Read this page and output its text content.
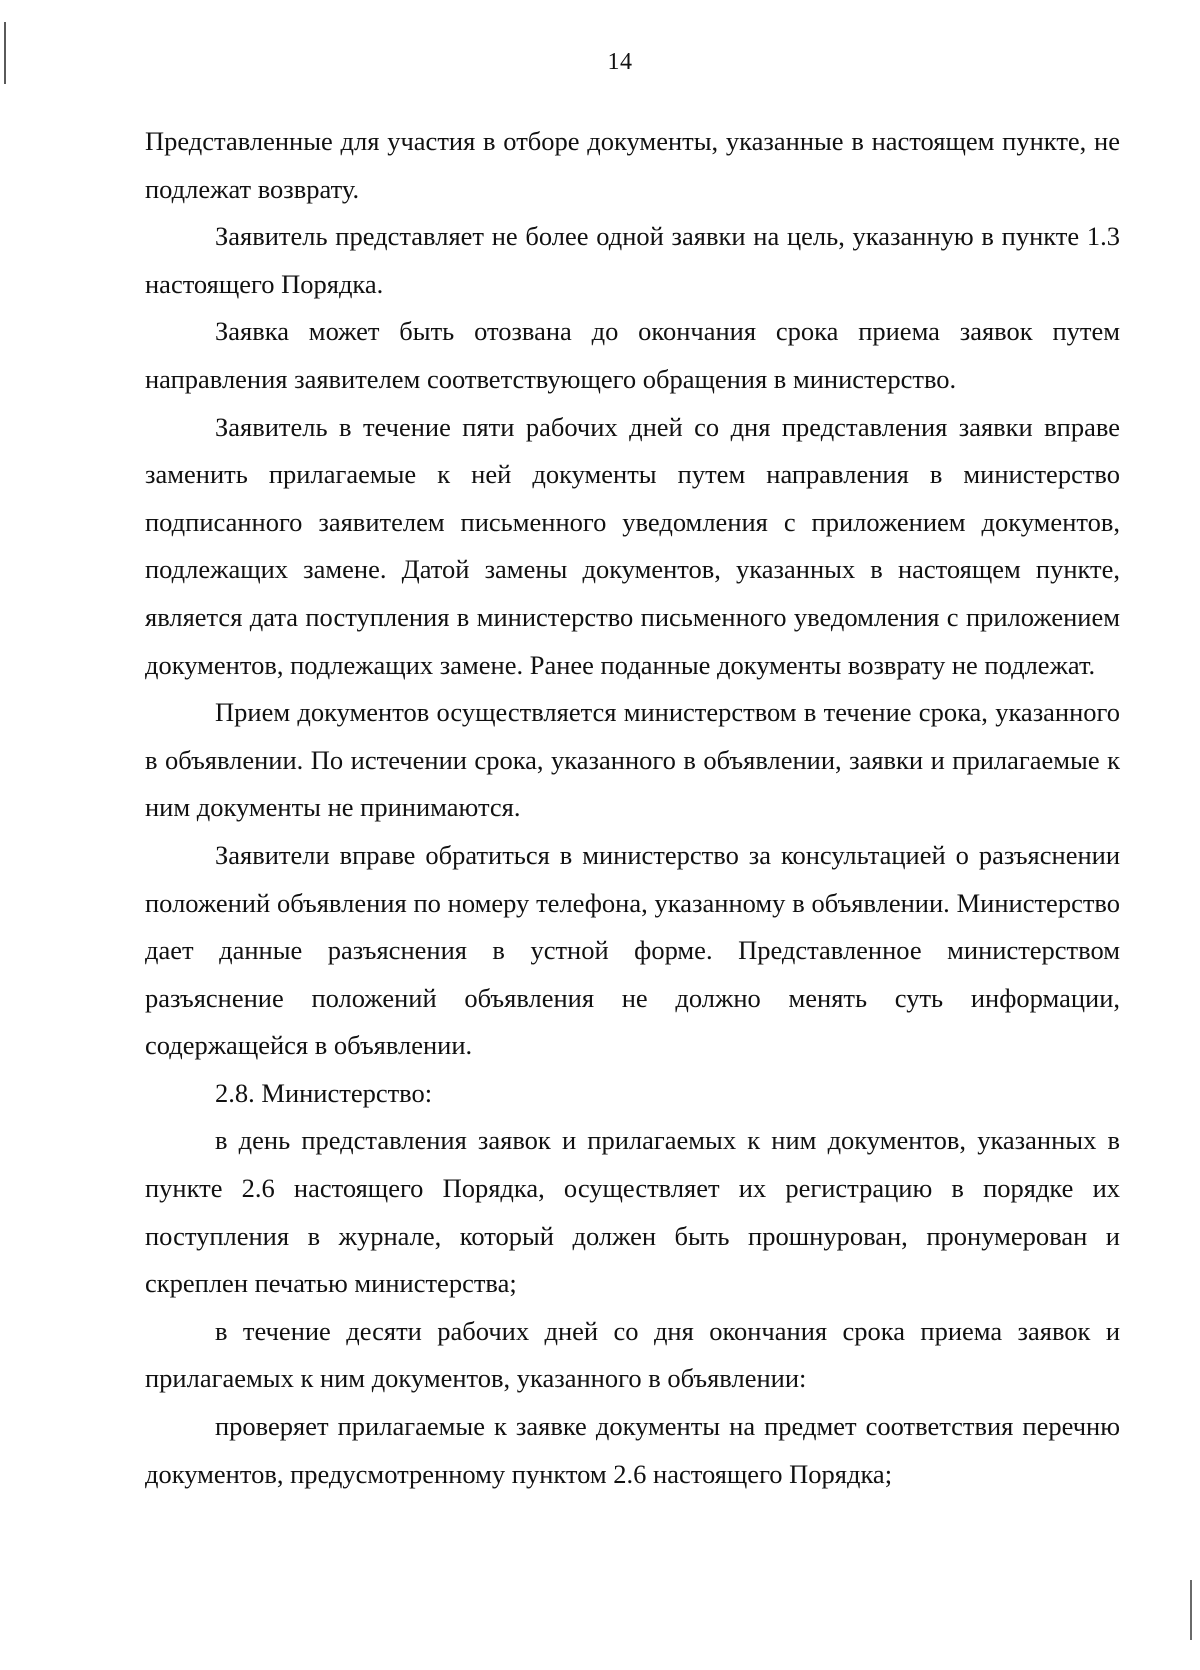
14

Представленные для участия в отборе документы, указанные в настоящем пункте, не подлежат возврату.

Заявитель представляет не более одной заявки на цель, указанную в пункте 1.3 настоящего Порядка.

Заявка может быть отозвана до окончания срока приема заявок путем направления заявителем соответствующего обращения в министерство.

Заявитель в течение пяти рабочих дней со дня представления заявки вправе заменить прилагаемые к ней документы путем направления в министерство подписанного заявителем письменного уведомления с приложением документов, подлежащих замене. Датой замены документов, указанных в настоящем пункте, является дата поступления в министерство письменного уведомления с приложением документов, подлежащих замене. Ранее поданные документы возврату не подлежат.

Прием документов осуществляется министерством в течение срока, указанного в объявлении. По истечении срока, указанного в объявлении, заявки и прилагаемые к ним документы не принимаются.

Заявители вправе обратиться в министерство за консультацией о разъяснении положений объявления по номеру телефона, указанному в объявлении. Министерство дает данные разъяснения в устной форме. Представленное министерством разъяснение положений объявления не должно менять суть информации, содержащейся в объявлении.

2.8. Министерство:

в день представления заявок и прилагаемых к ним документов, указанных в пункте 2.6 настоящего Порядка, осуществляет их регистрацию в порядке их поступления в журнале, который должен быть прошнурован, пронумерован и скреплен печатью министерства;

в течение десяти рабочих дней со дня окончания срока приема заявок и прилагаемых к ним документов, указанного в объявлении:

проверяет прилагаемые к заявке документы на предмет соответствия перечню документов, предусмотренному пунктом 2.6 настоящего Порядка;
